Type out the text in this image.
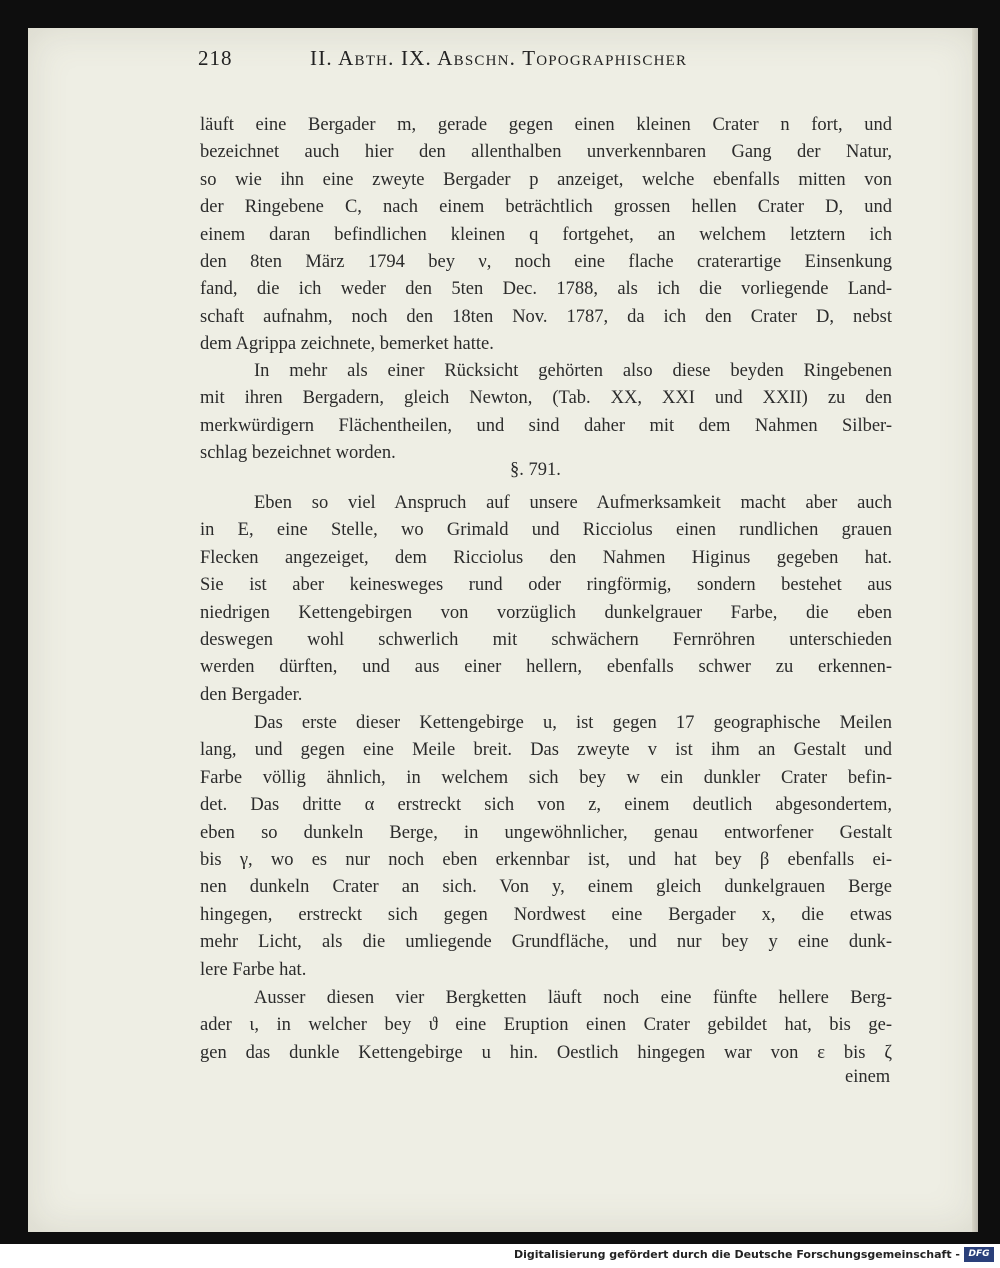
218	II. Abth. IX. Abschn. Topographischer
läuft eine Bergader m, gerade gegen einen kleinen Crater n fort, und
bezeichnet auch hier den allenthalben unverkennbaren Gang der Natur,
so wie ihn eine zweyte Bergader p anzeiget, welche ebenfalls mitten von
der Ringebene C, nach einem beträchtlich grossen hellen Crater D, und
einem daran befindlichen kleinen q fortgehet, an welchem letztern ich
den 8ten März 1794 bey ν, noch eine flache craterartige Einsenkung
fand, die ich weder den 5ten Dec. 1788, als ich die vorliegende Land-
schaft aufnahm, noch den 18ten Nov. 1787, da ich den Crater D, nebst
dem Agrippa zeichnete, bemerket hatte.
In mehr als einer Rücksicht gehörten also diese beyden Ringebenen
mit ihren Bergadern, gleich Newton, (Tab. XX, XXI und XXII) zu den
merkwürdigern Flächentheilen, und sind daher mit dem Nahmen Silber-
schlag bezeichnet worden.
§. 791.
Eben so viel Anspruch auf unsere Aufmerksamkeit macht aber auch
in E, eine Stelle, wo Grimald und Ricciolus einen rundlichen grauen
Flecken angezeiget, dem Ricciolus den Nahmen Higinus gegeben hat.
Sie ist aber keinesweges rund oder ringförmig, sondern bestehet aus
niedrigen Kettengebirgen von vorzüglich dunkelgrauer Farbe, die eben
deswegen wohl schwerlich mit schwächern Fernröhren unterschieden
werden dürften, und aus einer hellern, ebenfalls schwer zu erkennen-
den Bergader.
Das erste dieser Kettengebirge u, ist gegen 17 geographische Meilen
lang, und gegen eine Meile breit. Das zweyte v ist ihm an Gestalt und
Farbe völlig ähnlich, in welchem sich bey w ein dunkler Crater befin-
det. Das dritte α erstreckt sich von z, einem deutlich abgesondertem,
eben so dunkeln Berge, in ungewöhnlicher, genau entworfener Gestalt
bis γ, wo es nur noch eben erkennbar ist, und hat bey β ebenfalls ei-
nen dunkeln Crater an sich. Von y, einem gleich dunkelgrauen Berge
hingegen, erstreckt sich gegen Nordwest eine Bergader x, die etwas
mehr Licht, als die umliegende Grundfläche, und nur bey y eine dunk-
lere Farbe hat.
Ausser diesen vier Bergketten läuft noch eine fünfte hellere Berg-
ader ι, in welcher bey ϑ eine Eruption einen Crater gebildet hat, bis ge-
gen das dunkle Kettengebirge u hin. Oestlich hingegen war von ε bis ζ
einem
Digitalisierung gefördert durch die Deutsche Forschungsgemeinschaft - DFG
